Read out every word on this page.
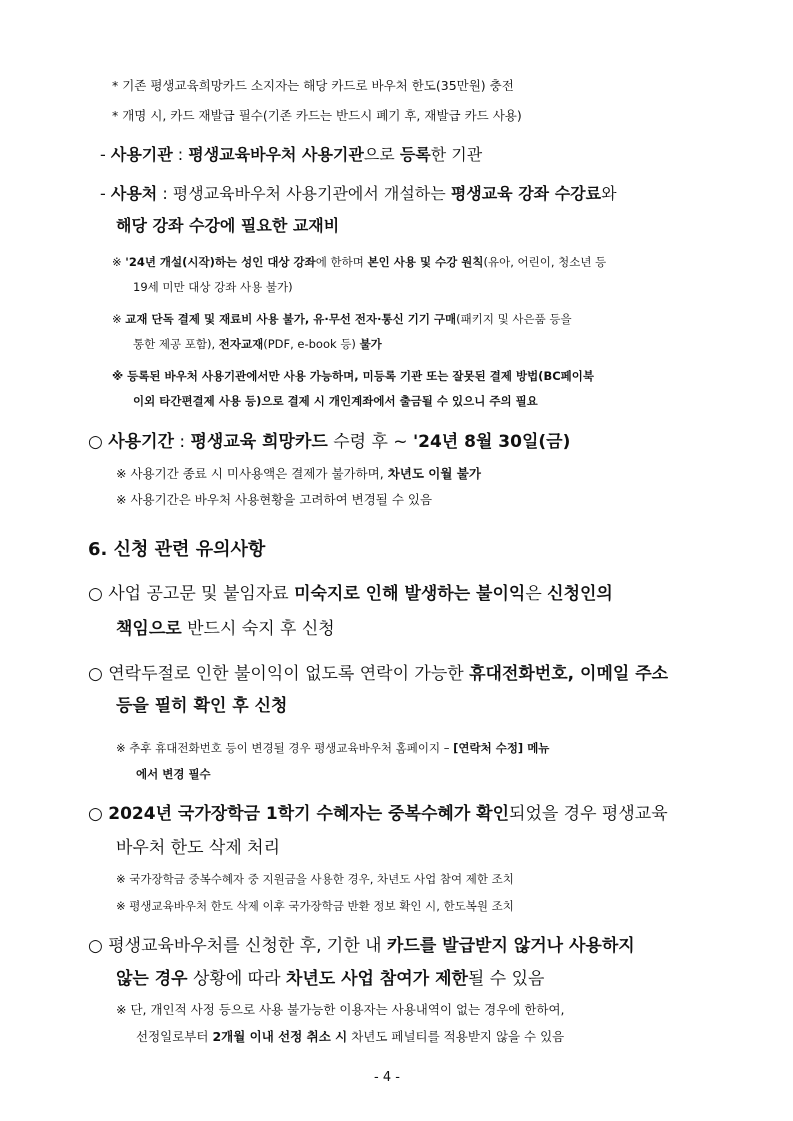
* 기존 평생교육희망카드 소지자는 해당 카드로 바우처 한도(35만원) 충전
* 개명 시, 카드 재발급 필수(기존 카드는 반드시 폐기 후, 재발급 카드 사용)
- 사용기관 : 평생교육바우처 사용기관으로 등록한 기관
- 사용처 : 평생교육바우처 사용기관에서 개설하는 평생교육 강좌 수강료와
해당 강좌 수강에 필요한 교재비
※ '24년 개설(시작)하는 성인 대상 강좌에 한하며 본인 사용 및 수강 원칙(유아, 어린이, 청소년 등
19세 미만 대상 강좌 사용 불가)
※ 교재 단독 결제 및 재료비 사용 불가, 유·무선 전자·통신 기기 구매(패키지 및 사은품 등을
통한 제공 포함), 전자교재(PDF, e-book 등) 불가
※ 등록된 바우처 사용기관에서만 사용 가능하며, 미등록 기관 또는 잘못된 결제 방법(BC페이북
이외 타간편결제 사용 등)으로 결제 시 개인계좌에서 출금될 수 있으니 주의 필요
○ 사용기간 : 평생교육 희망카드 수령 후 ~ '24년 8월 30일(금)
※ 사용기간 종료 시 미사용액은 결제가 불가하며, 차년도 이월 불가
※ 사용기간은 바우처 사용현황을 고려하여 변경될 수 있음
6. 신청 관련 유의사항
○ 사업 공고문 및 붙임자료 미숙지로 인해 발생하는 불이익은 신청인의
책임으로 반드시 숙지 후 신청
○ 연락두절로 인한 불이익이 없도록 연락이 가능한 휴대전화번호, 이메일 주소
등을 필히 확인 후 신청
※ 추후 휴대전화번호 등이 변경될 경우 평생교육바우처 홈페이지 – [연락처 수정] 메뉴
에서 변경 필수
○ 2024년 국가장학금 1학기 수혜자는 중복수혜가 확인되었을 경우 평생교육
바우처 한도 삭제 처리
※ 국가장학금 중복수혜자 중 지원금을 사용한 경우, 차년도 사업 참여 제한 조치
※ 평생교육바우처 한도 삭제 이후 국가장학금 반환 정보 확인 시, 한도복원 조치
○ 평생교육바우처를 신청한 후, 기한 내 카드를 발급받지 않거나 사용하지
않는 경우 상황에 따라 차년도 사업 참여가 제한될 수 있음
※ 단, 개인적 사정 등으로 사용 불가능한 이용자는 사용내역이 없는 경우에 한하여,
선정일로부터 2개월 이내 선정 취소 시 차년도 페널티를 적용받지 않을 수 있음
- 4 -
